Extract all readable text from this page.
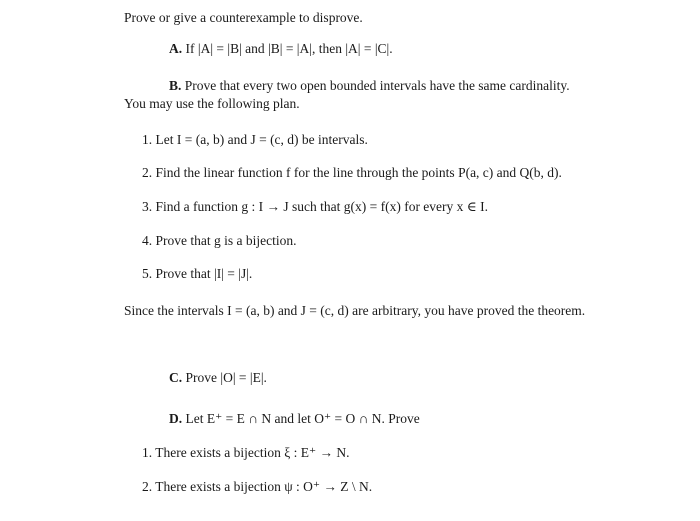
Prove or give a counterexample to disprove.
A. If |A| = |B| and |B| = |A|, then |A| = |C|.
B. Prove that every two open bounded intervals have the same cardinality.
You may use the following plan.
1. Let I = (a, b) and J = (c, d) be intervals.
2. Find the linear function f for the line through the points P(a, c) and Q(b, d).
3. Find a function g : I → J such that g(x) = f(x) for every x ∈ I.
4. Prove that g is a bijection.
5. Prove that |I| = |J|.
Since the intervals I = (a, b) and J = (c, d) are arbitrary, you have proved the theorem.
C. Prove |O| = |E|.
D. Let E⁺ = E ∩ N and let O⁺ = O ∩ N. Prove
1. There exists a bijection ξ : E⁺ → N.
2. There exists a bijection ψ : O⁺ → Z \ N.
